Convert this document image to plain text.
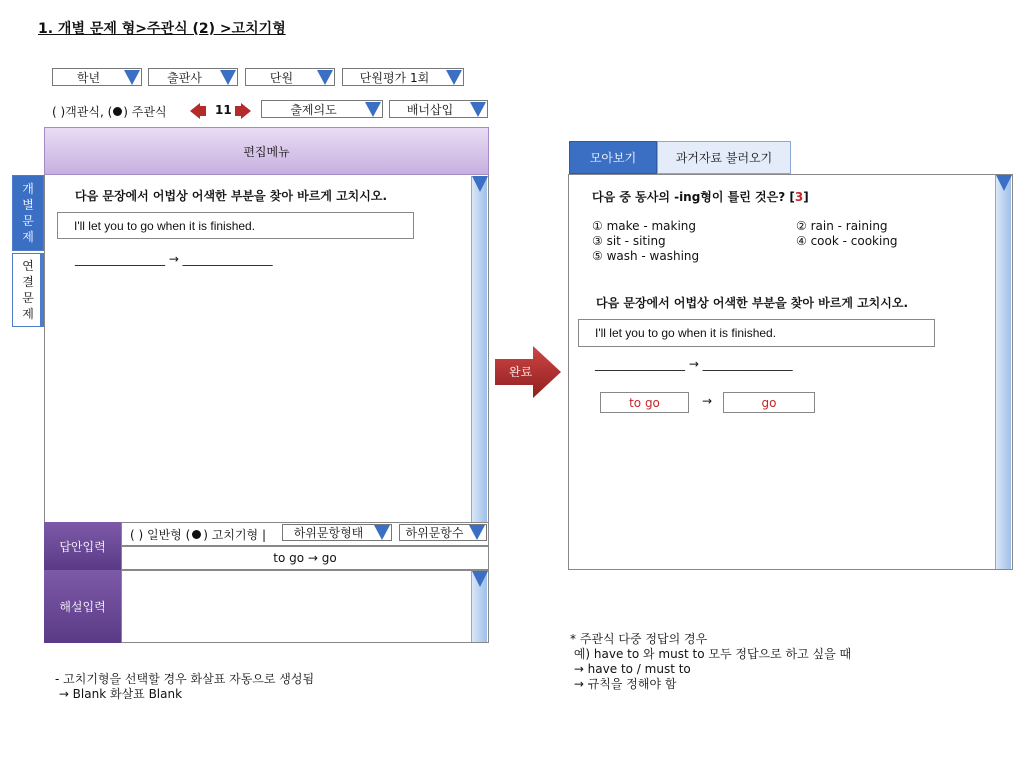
1. 개별 문제 형>주관식 (2) >고치기형
학년	출판사	단원	단원평가 1회
( )객관식, ( ) 주관식	11	출제의도	배너삽입
개
별
문
제
연
결
문
제
편집메뉴
다음 문장에서 어법상 어색한 부분을 찾아 바르게 고치시오.
I'll let you to go when it is finished.
_______________ → _______________
답안입력
( ) 일반형 ( ) 고치기형 |	하위문항형태	하위문항수
to go → go
해설입력
완료
모아보기	과거자료 불러오기
다음 중 동사의 -ing형이 틀린 것은? [3]
① make - making	② rain - raining
③ sit - siting	④ cook - cooking
⑤ wash - washing
다음 문장에서 어법상 어색한 부분을 찾아 바르게 고치시오.
I'll let you to go when it is finished.
_______________ → _______________
to go	→	go
- 고치기형을 선택할 경우 화살표 자동으로 생성됨
→ Blank 화살표 Blank
* 주관식 다중 정답의 경우
예) have to 와 must to 모두 정답으로 하고 싶을 때
→ have to / must to
→ 규칙을 정해야 함
